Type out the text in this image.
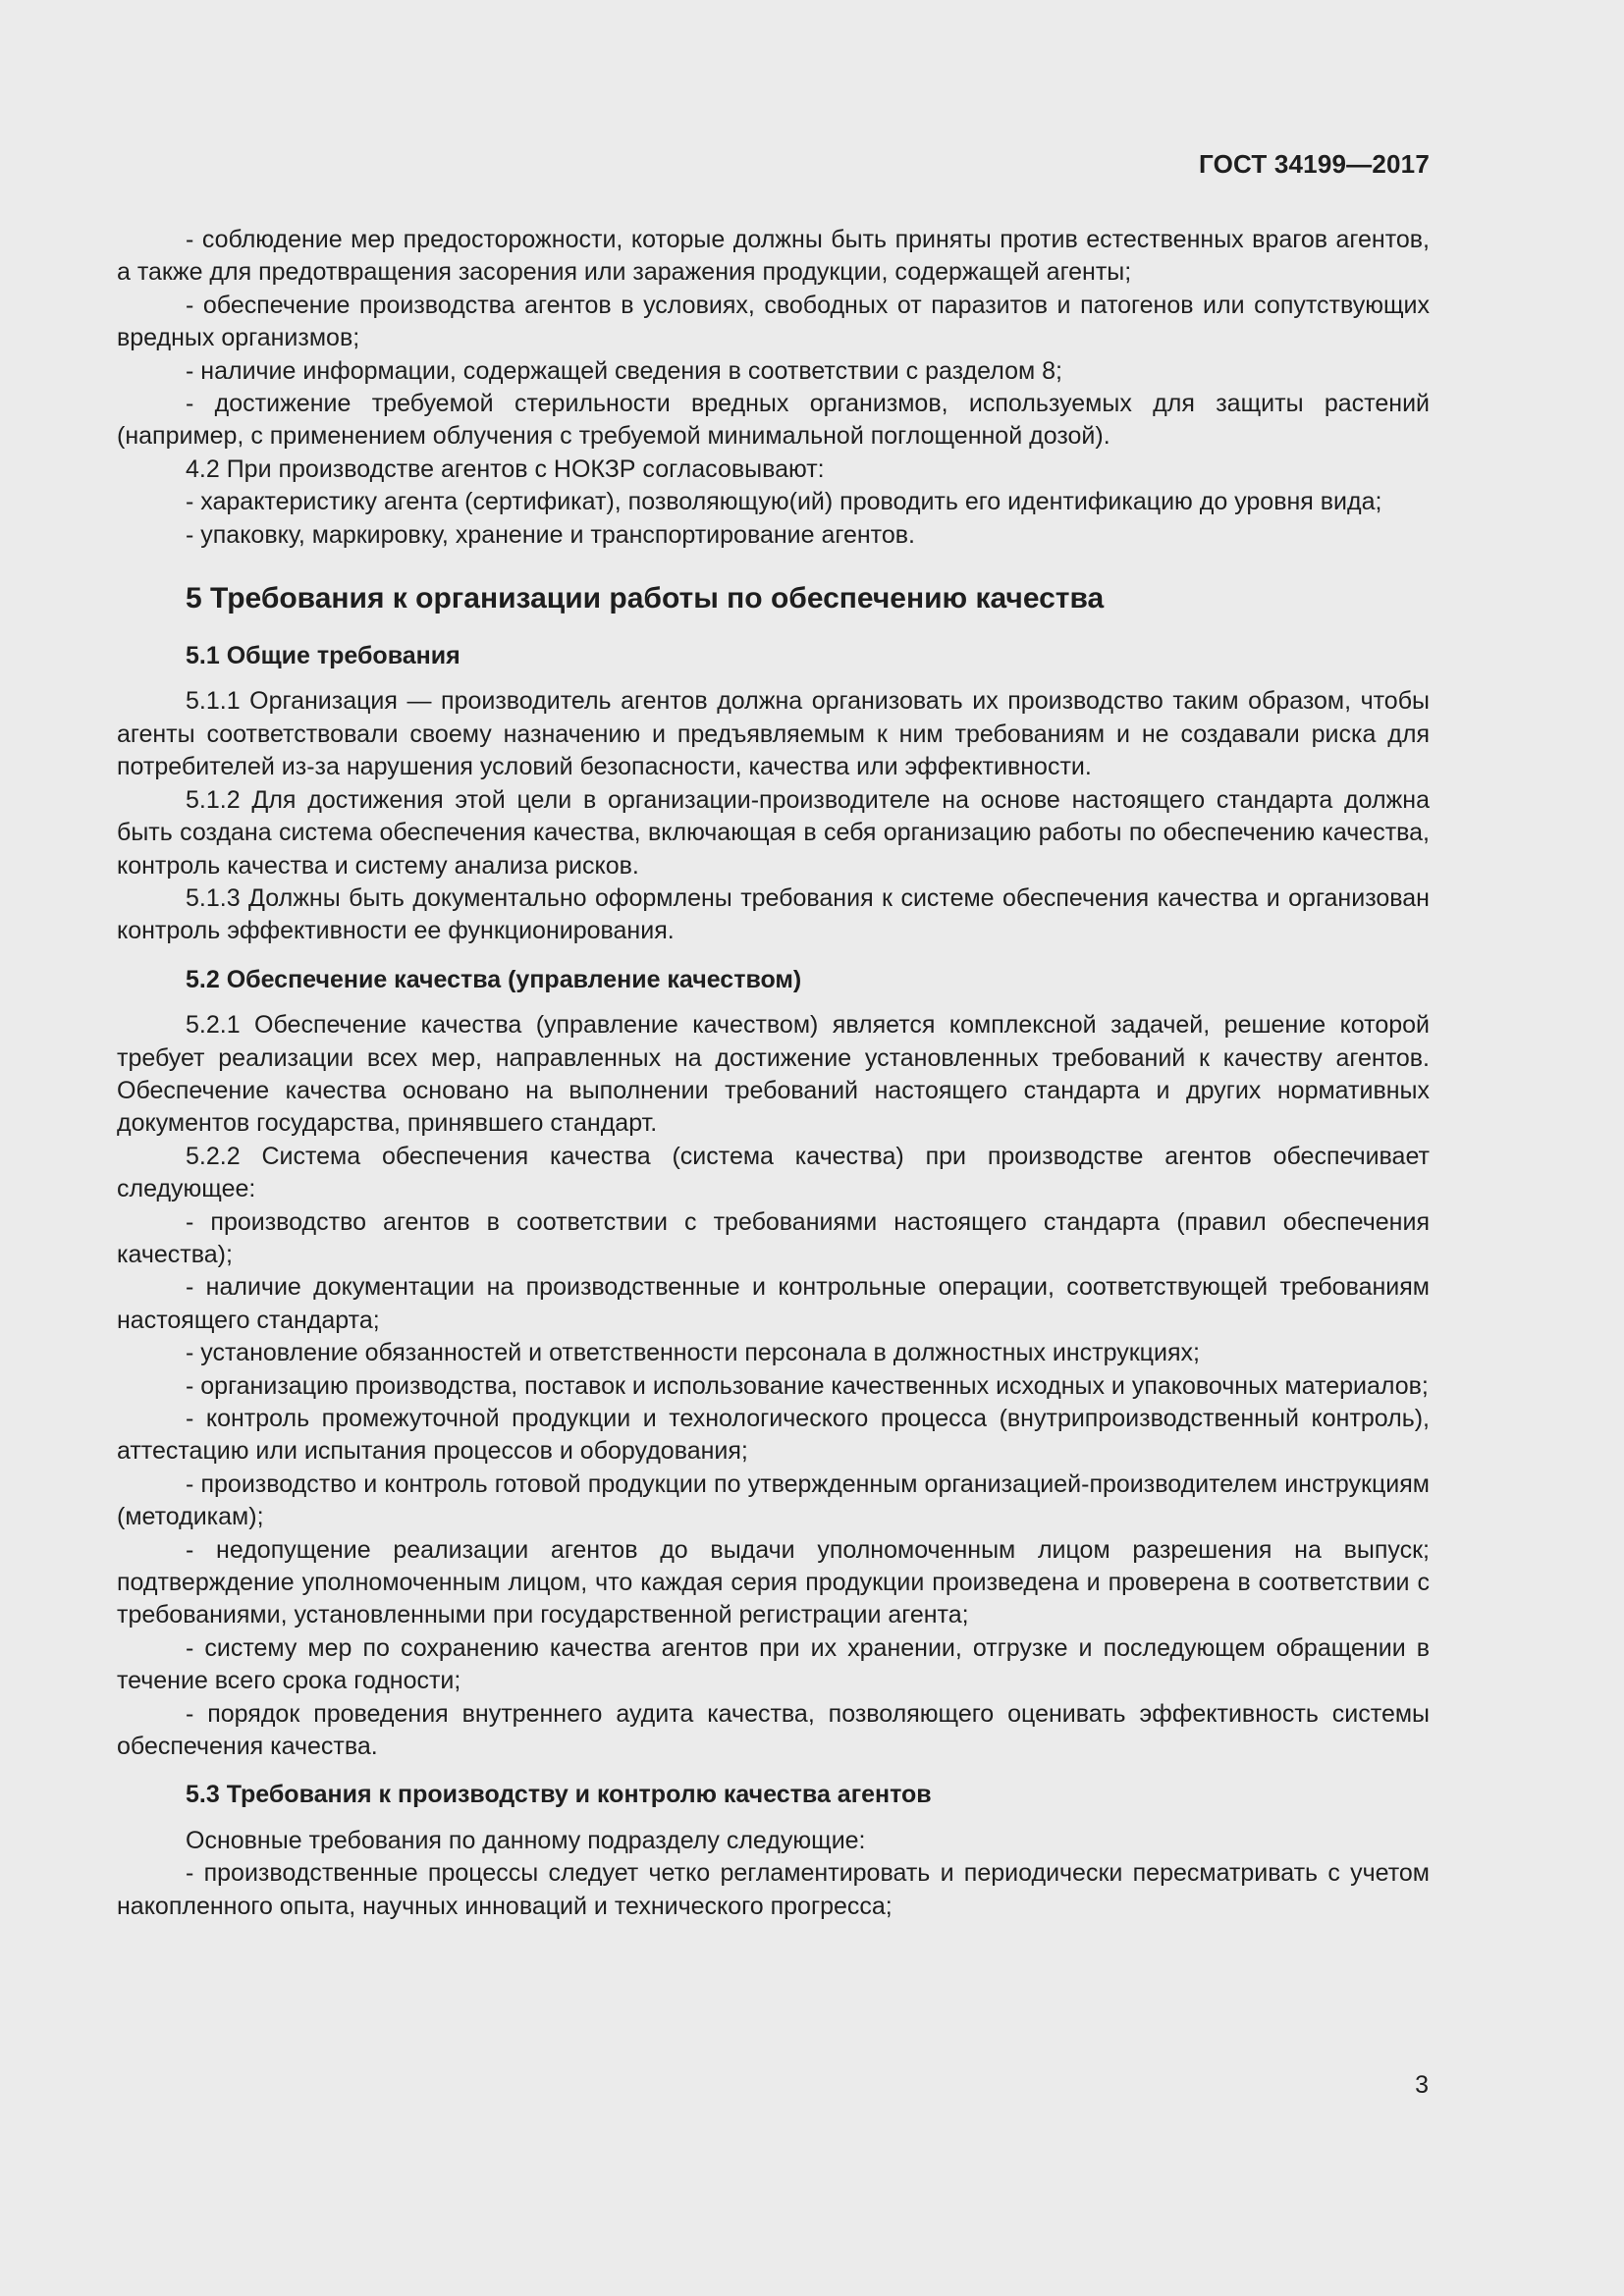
ГОСТ 34199—2017

- соблюдение мер предосторожности, которые должны быть приняты против естественных врагов агентов, а также для предотвращения засорения или заражения продукции, содержащей агенты;

- обеспечение производства агентов в условиях, свободных от паразитов и патогенов или сопутствующих вредных организмов;

- наличие информации, содержащей сведения в соответствии с разделом 8;

- достижение требуемой стерильности вредных организмов, используемых для защиты растений (например, с применением облучения с требуемой минимальной поглощенной дозой).

4.2 При производстве агентов с НОКЗР согласовывают:

- характеристику агента (сертификат), позволяющую(ий) проводить его идентификацию до уровня вида;

- упаковку, маркировку, хранение и транспортирование агентов.

5 Требования к организации работы по обеспечению качества
5.1 Общие требования

5.1.1 Организация — производитель агентов должна организовать их производство таким образом, чтобы агенты соответствовали своему назначению и предъявляемым к ним требованиям и не создавали риска для потребителей из-за нарушения условий безопасности, качества или эффективности.

5.1.2 Для достижения этой цели в организации-производителе на основе настоящего стандарта должна быть создана система обеспечения качества, включающая в себя организацию работы по обеспечению качества, контроль качества и систему анализа рисков.

5.1.3 Должны быть документально оформлены требования к системе обеспечения качества и организован контроль эффективности ее функционирования.

5.2 Обеспечение качества (управление качеством)

5.2.1 Обеспечение качества (управление качеством) является комплексной задачей, решение которой требует реализации всех мер, направленных на достижение установленных требований к качеству агентов. Обеспечение качества основано на выполнении требований настоящего стандарта и других нормативных документов государства, принявшего стандарт.

5.2.2 Система обеспечения качества (система качества) при производстве агентов обеспечивает следующее:

- производство агентов в соответствии с требованиями настоящего стандарта (правил обеспечения качества);

- наличие документации на производственные и контрольные операции, соответствующей требованиям настоящего стандарта;

- установление обязанностей и ответственности персонала в должностных инструкциях;

- организацию производства, поставок и использование качественных исходных и упаковочных материалов;

- контроль промежуточной продукции и технологического процесса (внутрипроизводственный контроль), аттестацию или испытания процессов и оборудования;

- производство и контроль готовой продукции по утвержденным организацией-производителем инструкциям (методикам);

- недопущение реализации агентов до выдачи уполномоченным лицом разрешения на выпуск; подтверждение уполномоченным лицом, что каждая серия продукции произведена и проверена в соответствии с требованиями, установленными при государственной регистрации агента;

- систему мер по сохранению качества агентов при их хранении, отгрузке и последующем обращении в течение всего срока годности;

- порядок проведения внутреннего аудита качества, позволяющего оценивать эффективность системы обеспечения качества.

5.3 Требования к производству и контролю качества агентов

Основные требования по данному подразделу следующие:

- производственные процессы следует четко регламентировать и периодически пересматривать с учетом накопленного опыта, научных инноваций и технического прогресса;

3
